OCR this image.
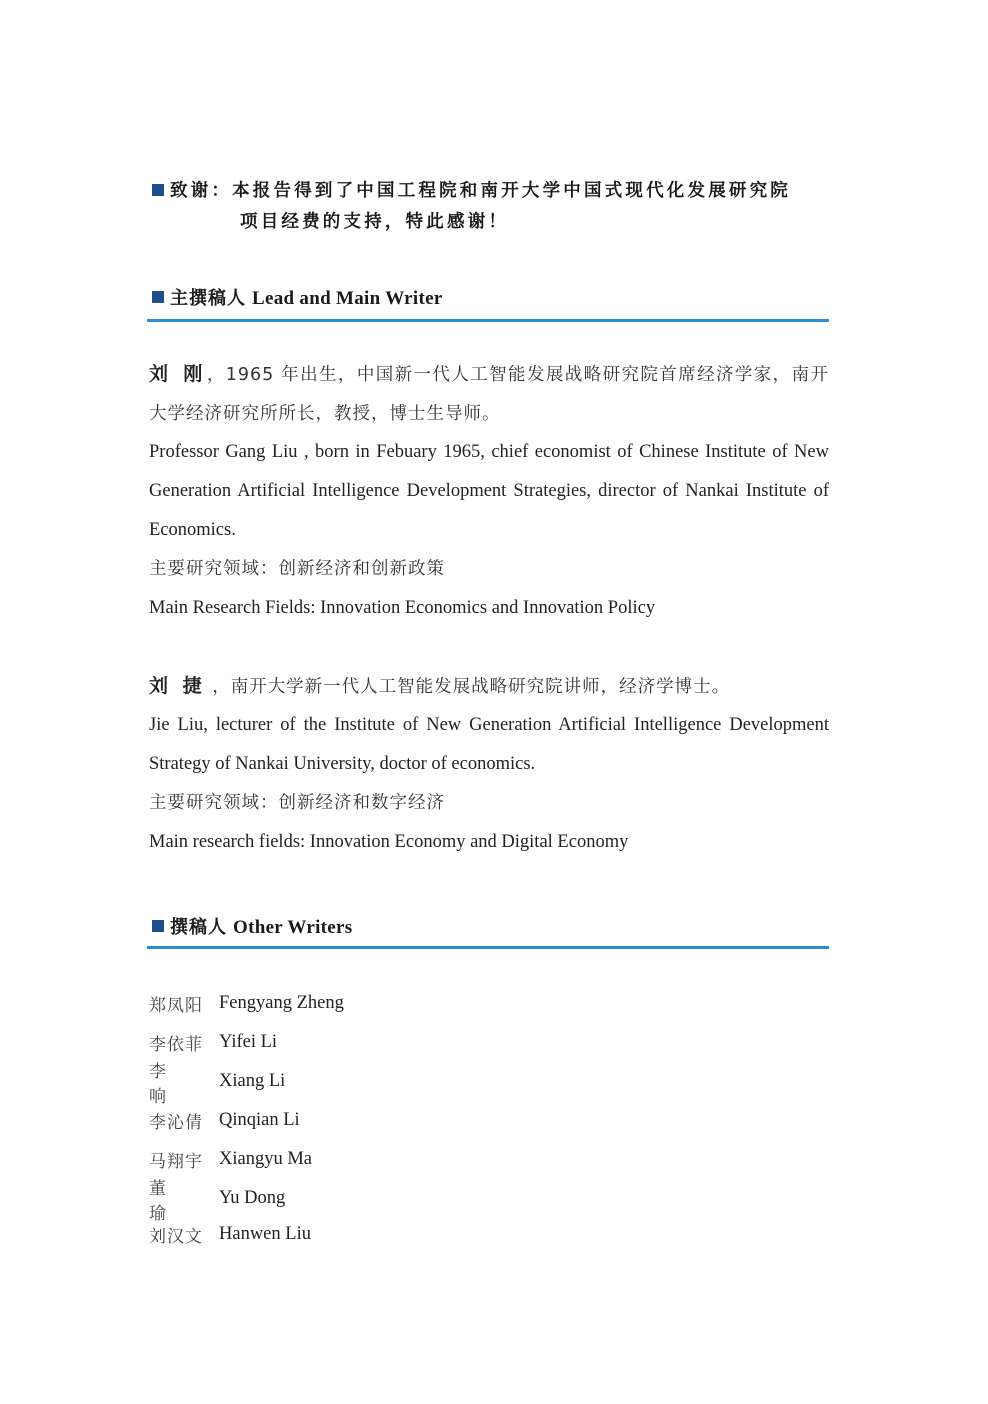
致谢：本报告得到了中国工程院和南开大学中国式现代化发展研究院
项目经费的支持，特此感谢！
主撰稿人 Lead and Main Writer
刘 刚，1965 年出生，中国新一代人工智能发展战略研究院首席经济学家，南开大学经济研究所所长，教授，博士生导师。
Professor Gang Liu , born in Febuary 1965, chief economist of Chinese Institute of New Generation Artificial Intelligence Development Strategies, director of Nankai Institute of Economics.
主要研究领域：创新经济和创新政策
Main Research Fields: Innovation Economics and Innovation Policy
刘 捷 ，南开大学新一代人工智能发展战略研究院讲师，经济学博士。
Jie Liu, lecturer of the Institute of New Generation Artificial Intelligence Development Strategy of Nankai University, doctor of economics.
主要研究领域：创新经济和数字经济
Main research fields: Innovation Economy and Digital Economy
撰稿人 Other Writers
郑凤阳 Fengyang Zheng
李依菲 Yifei Li
李响
Xiang Li
李沁倩 Qinqian Li
马翔宇 Xiangyu Ma
董瑜
Yu Dong
刘汉文 Hanwen Liu
